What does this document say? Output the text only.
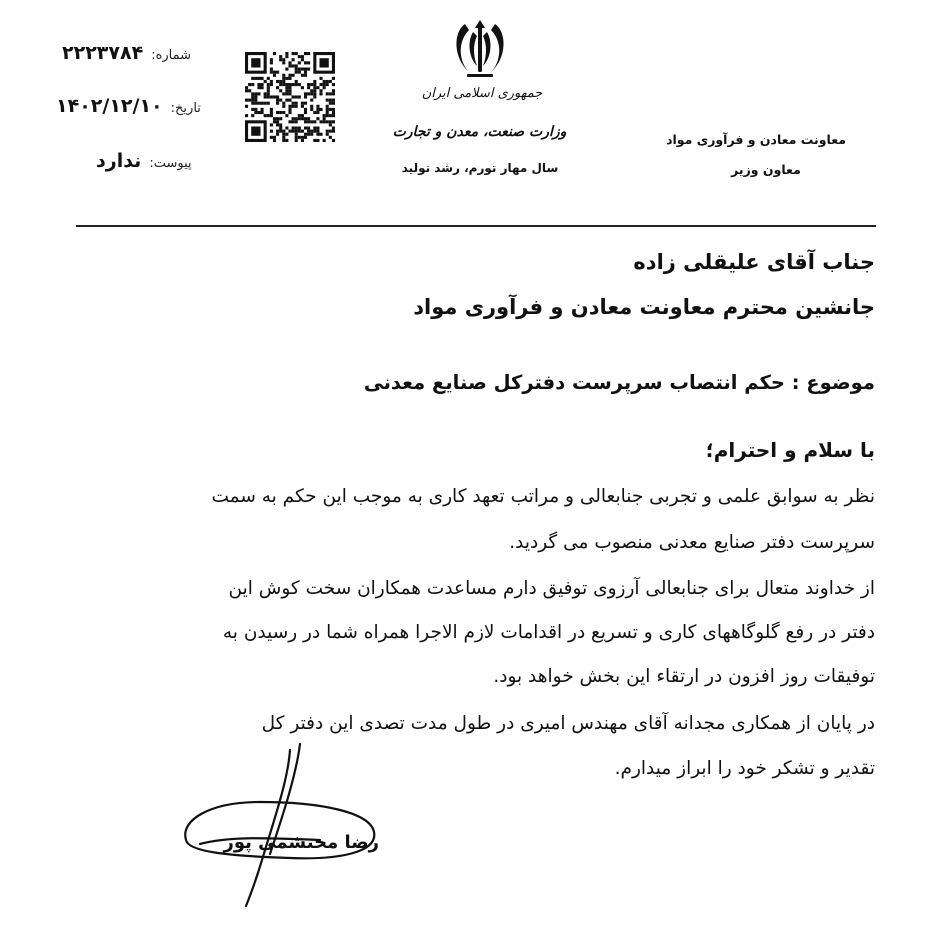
شماره:۲۲۲۳۷۸۴
تاریخ:۱۴۰۲/۱۲/۱۰
پیوست:ندارد
جمهوری اسلامی ایران
وزارت صنعت، معدن و تجارت
سال مهار تورم، رشد تولید
معاونت معادن و فرآوری مواد
معاون وزیر
جناب آقای علیقلی زاده
جانشین محترم معاونت معادن و فرآوری مواد
موضوع : حکم انتصاب سرپرست دفترکل صنایع معدنی
با سلام و احترام؛
نظر به سوابق علمی و تجربی جنابعالی و مراتب تعهد کاری به موجب این حکم به سمت
سرپرست دفتر صنایع معدنی منصوب می گردید.
از خداوند متعال برای جنابعالی آرزوی توفیق دارم مساعدت همکاران سخت کوش این
دفتر در رفع گلوگاههای کاری و تسریع در اقدامات لازم الاجرا همراه شما در رسیدن به
توفیقات روز افزون در ارتقاء این بخش خواهد بود.
در پایان از همکاری مجدانه آقای مهندس امیری در طول مدت تصدی این دفتر کل
تقدیر و تشکر خود را ابراز میدارم.
رضا محتشمی پور
